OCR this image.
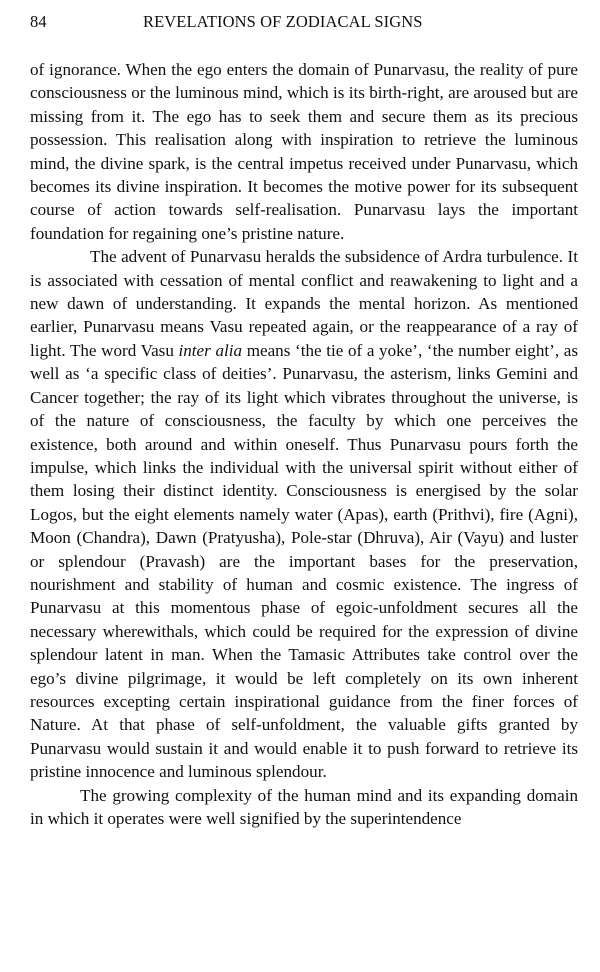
84	REVELATIONS OF ZODIACAL SIGNS

of ignorance. When the ego enters the domain of Punarvasu, the reality of pure consciousness or the luminous mind, which is its birth-right, are aroused but are missing from it. The ego has to seek them and secure them as its precious possession. This realisation along with inspiration to retrieve the luminous mind, the divine spark, is the central impetus received under Punarvasu, which becomes its divine inspiration. It becomes the motive power for its subsequent course of action towards self-realisation. Punarvasu lays the important foundation for regaining one’s pristine nature.

The advent of Punarvasu heralds the subsidence of Ardra turbulence. It is associated with cessation of mental conflict and reawakening to light and a new dawn of understanding. It expands the mental horizon. As mentioned earlier, Punarvasu means Vasu repeated again, or the reappearance of a ray of light. The word Vasu inter alia means ‘the tie of a yoke’, ‘the number eight’, as well as ‘a specific class of deities’. Punarvasu, the asterism, links Gemini and Cancer together; the ray of its light which vibrates throughout the universe, is of the nature of consciousness, the faculty by which one perceives the existence, both around and within oneself. Thus Punarvasu pours forth the impulse, which links the individual with the universal spirit without either of them losing their distinct identity. Consciousness is energised by the solar Logos, but the eight elements namely water (Apas), earth (Prithvi), fire (Agni), Moon (Chandra), Dawn (Pratyusha), Pole-star (Dhruva), Air (Vayu) and luster or splendour (Pravash) are the important bases for the preservation, nourishment and stability of human and cosmic existence. The ingress of Punarvasu at this momentous phase of egoic-unfoldment secures all the necessary wherewithals, which could be required for the expression of divine splendour latent in man. When the Tamasic Attributes take control over the ego’s divine pilgrimage, it would be left completely on its own inherent resources excepting certain inspirational guidance from the finer forces of Nature. At that phase of self-unfoldment, the valuable gifts granted by Punarvasu would sustain it and would enable it to push forward to retrieve its pristine innocence and luminous splendour.

The growing complexity of the human mind and its expanding domain in which it operates were well signified by the superintendence
